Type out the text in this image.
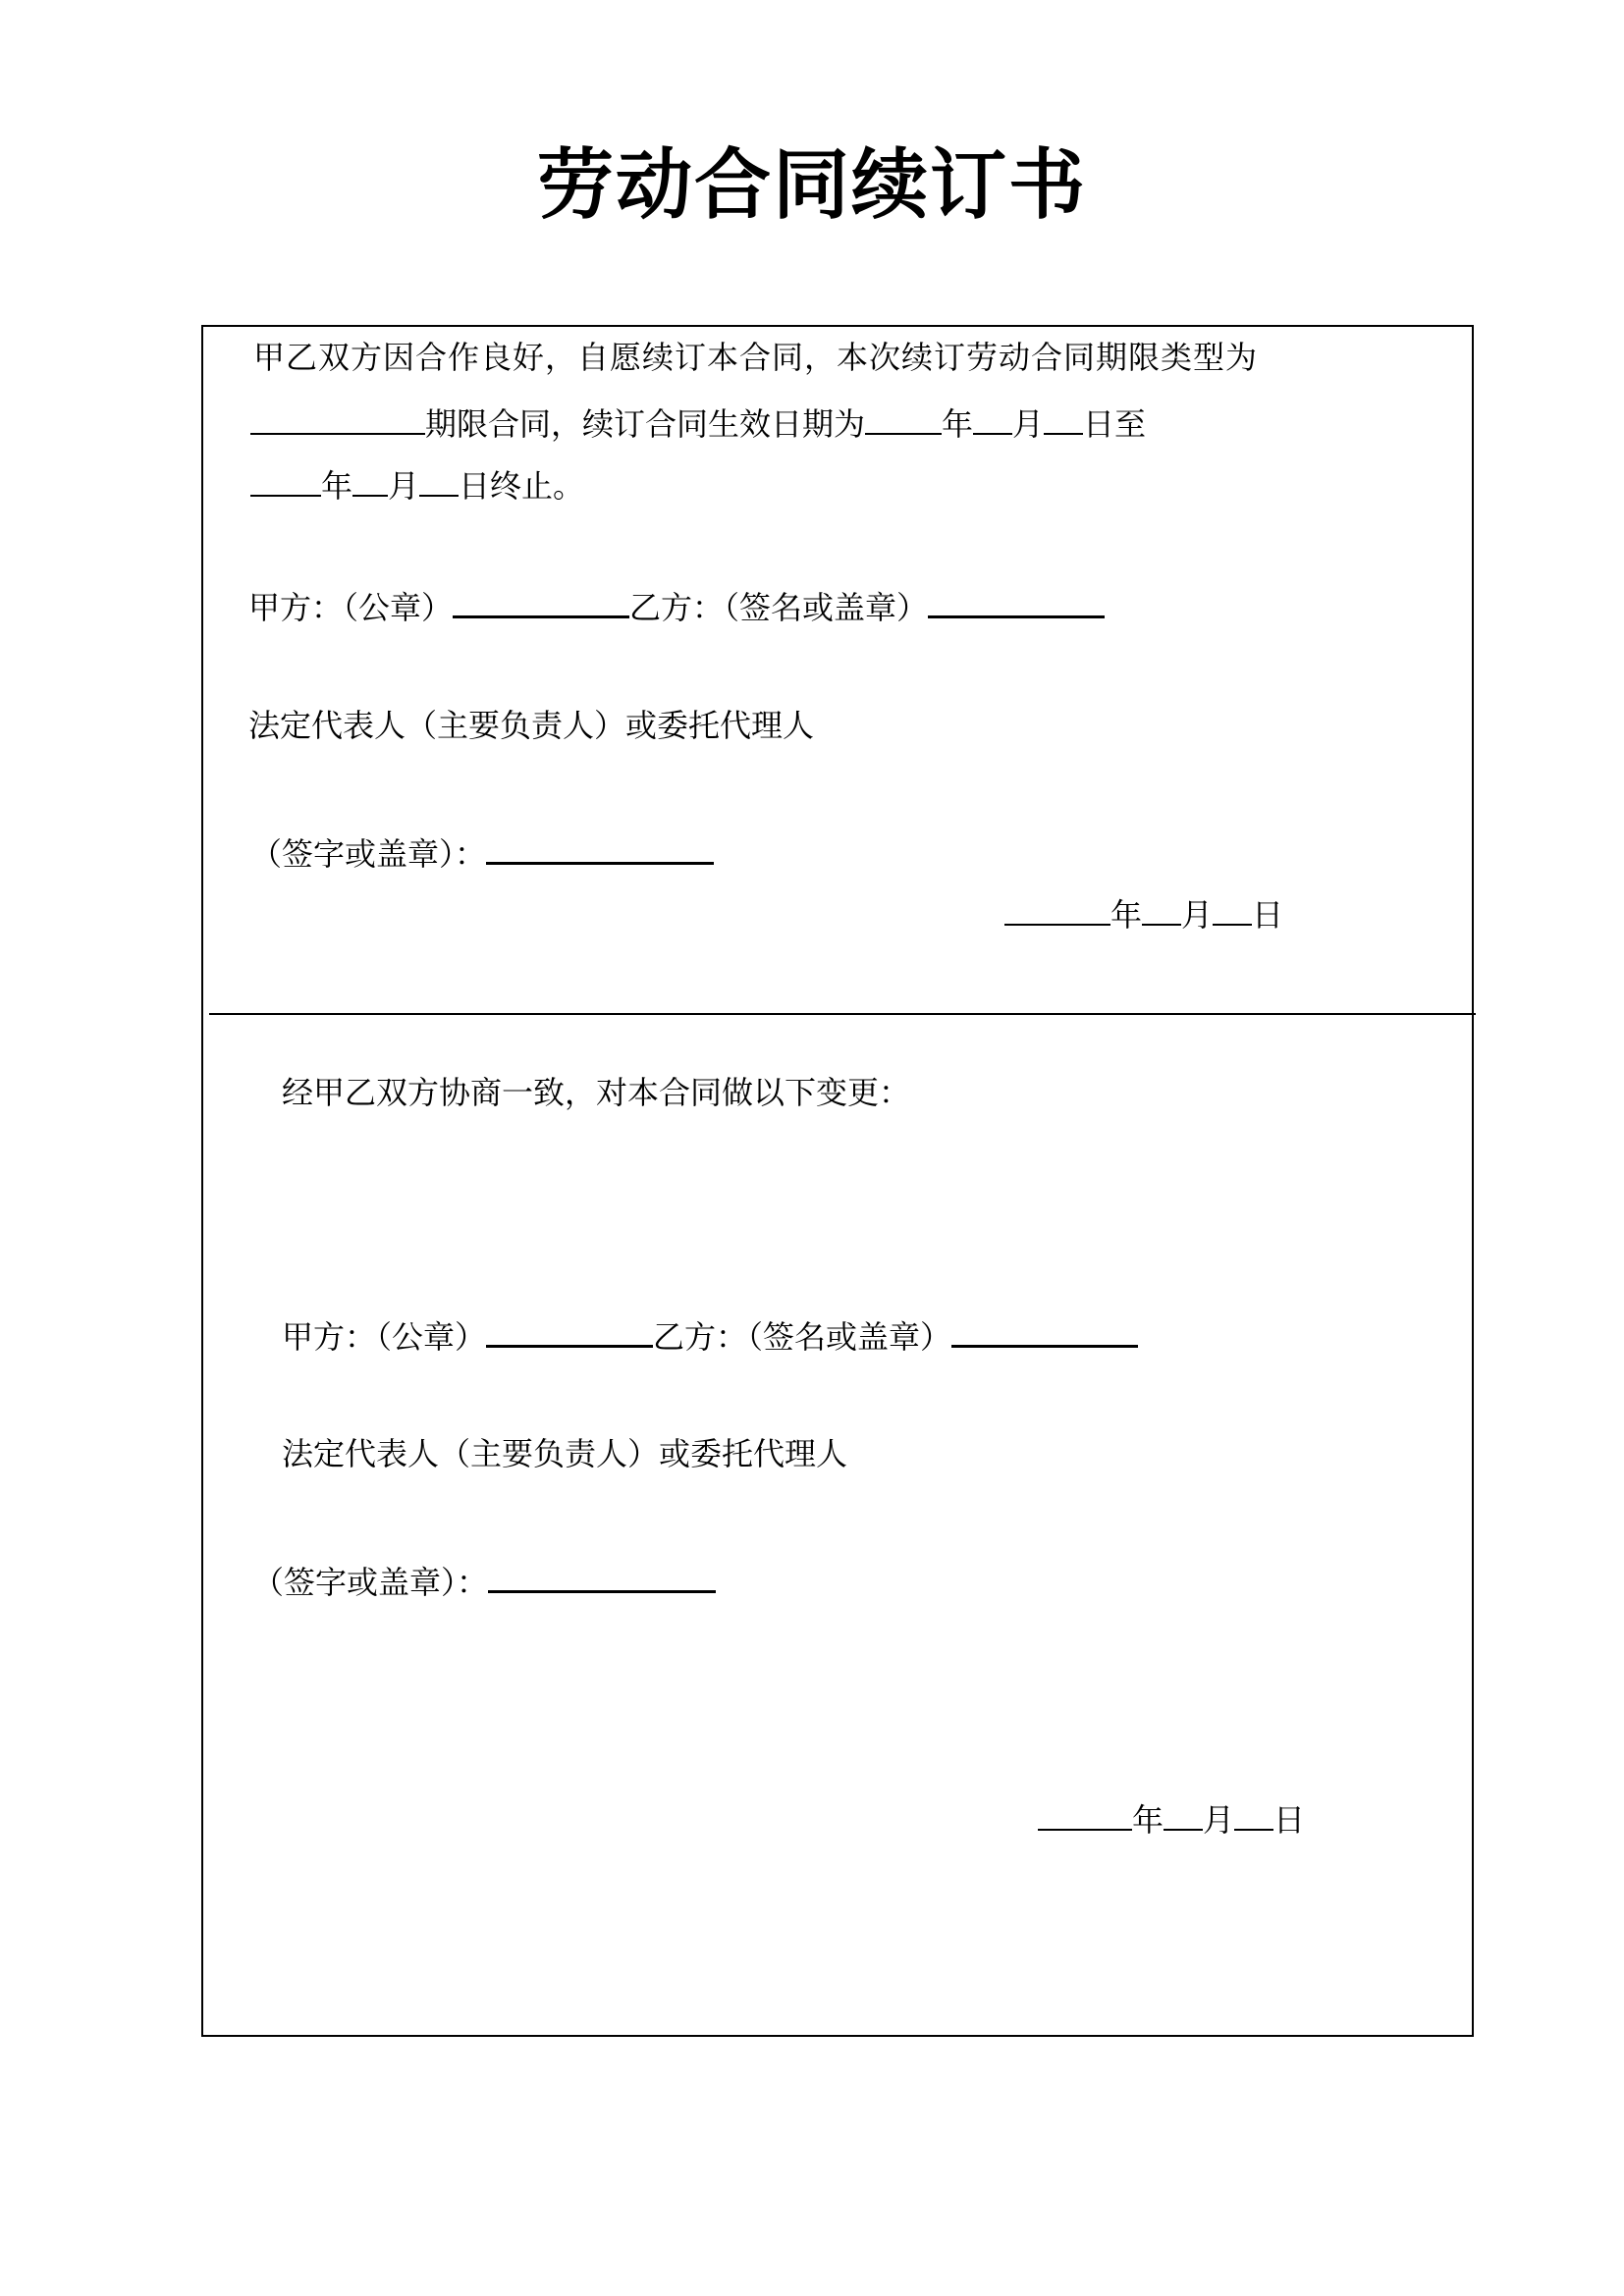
劳动合同续订书
甲乙双方因合作良好，自愿续订本合同，本次续订劳动合同期限类型为
期限合同，续订合同生效日期为 年 月 日至
年 月 日终止。
甲方：（公章）	乙方：（签名或盖章）
法定代表人（主要负责人）或委托代理人
（签字或盖章）：
年 月 日
经甲乙双方协商一致，对本合同做以下变更：
甲方：（公章）	乙方：（签名或盖章）
法定代表人（主要负责人）或委托代理人
（签字或盖章）：
年 月 日
